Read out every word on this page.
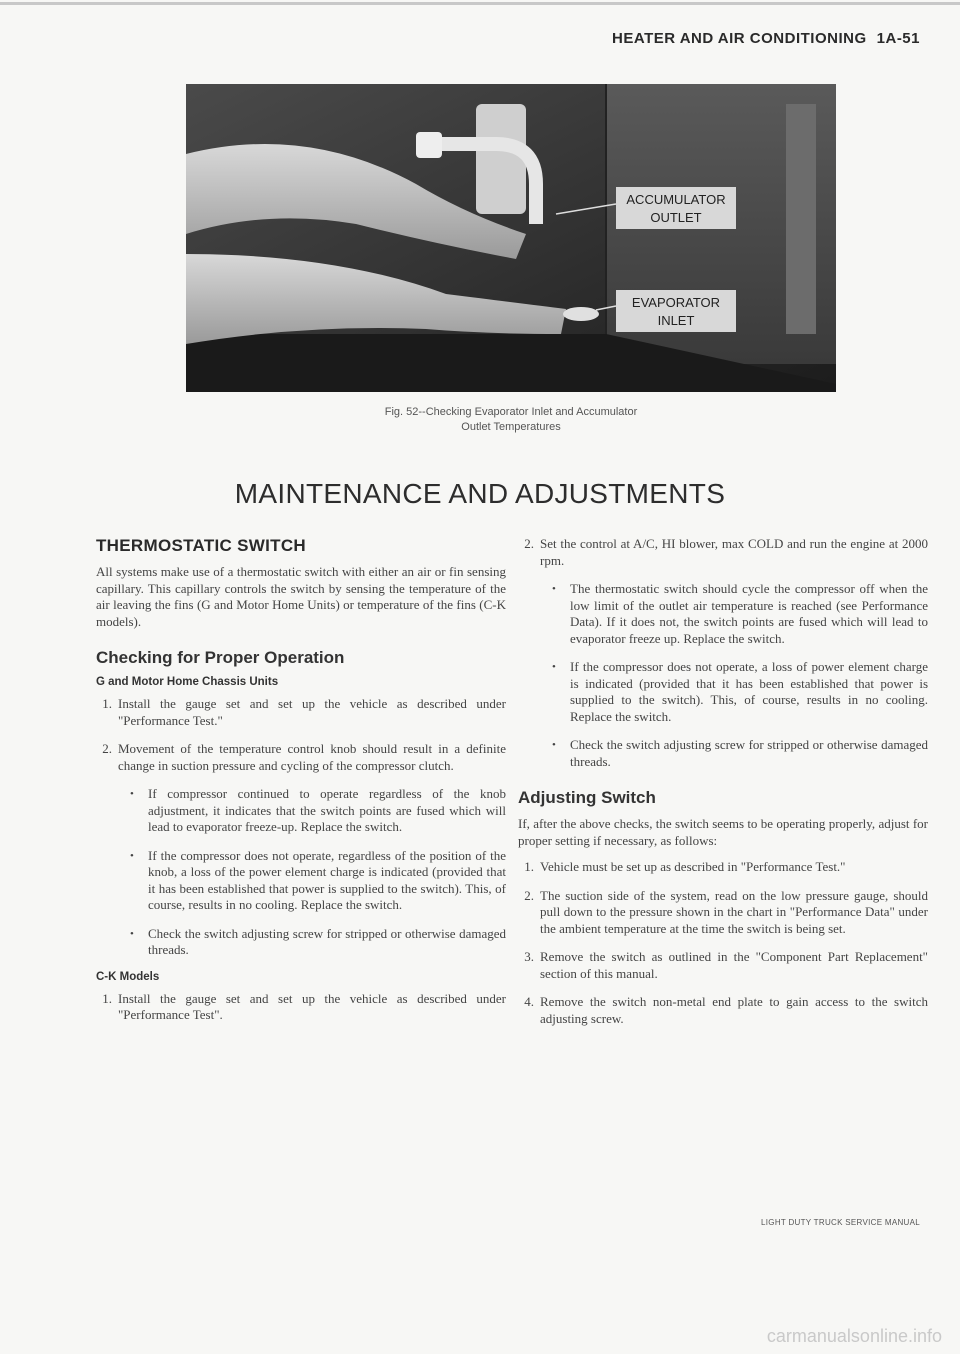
HEATER AND AIR CONDITIONING 1A-51
ACCUMULATOR
OUTLET
EVAPORATOR
INLET
Fig. 52--Checking Evaporator Inlet and Accumulator
Outlet Temperatures
MAINTENANCE AND ADJUSTMENTS
THERMOSTATIC SWITCH

All systems make use of a thermostatic switch with either an air or fin sensing capillary. This capillary controls the switch by sensing the temperature of the air leaving the fins (G and Motor Home Units) or temperature of the fins (C-K models).

Checking for Proper Operation
G and Motor Home Chassis Units
1. Install the gauge set and set up the vehicle as described under "Performance Test."

2. Movement of the temperature control knob should result in a definite change in suction pressure and cycling of the compressor clutch.

• If compressor continued to operate regardless of the knob adjustment, it indicates that the switch points are fused which will lead to evaporator freeze-up. Replace the switch.

• If the compressor does not operate, regardless of the position of the knob, a loss of the power element charge is indicated (provided that it has been established that power is supplied to the switch). This, of course, results in no cooling. Replace the switch.

• Check the switch adjusting screw for stripped or otherwise damaged threads.

C-K Models
1. Install the gauge set and set up the vehicle as described under "Performance Test".

2. Set the control at A/C, HI blower, max COLD and run the engine at 2000 rpm.

• The thermostatic switch should cycle the compressor off when the low limit of the outlet air temperature is reached (see Performance Data). If it does not, the switch points are fused which will lead to evaporator freeze up. Replace the switch.

• If the compressor does not operate, a loss of power element charge is indicated (provided that it has been established that power is supplied to the switch). This, of course, results in no cooling. Replace the switch.

• Check the switch adjusting screw for stripped or otherwise damaged threads.

Adjusting Switch

If, after the above checks, the switch seems to be operating properly, adjust for proper setting if necessary, as follows:

1. Vehicle must be set up as described in "Performance Test."

2. The suction side of the system, read on the low pressure gauge, should pull down to the pressure shown in the chart in "Performance Data" under the ambient temperature at the time the switch is being set.

3. Remove the switch as outlined in the "Component Part Replacement" section of this manual.

4. Remove the switch non-metal end plate to gain access to the switch adjusting screw.

LIGHT DUTY TRUCK SERVICE MANUAL
carmanualsonline.info
